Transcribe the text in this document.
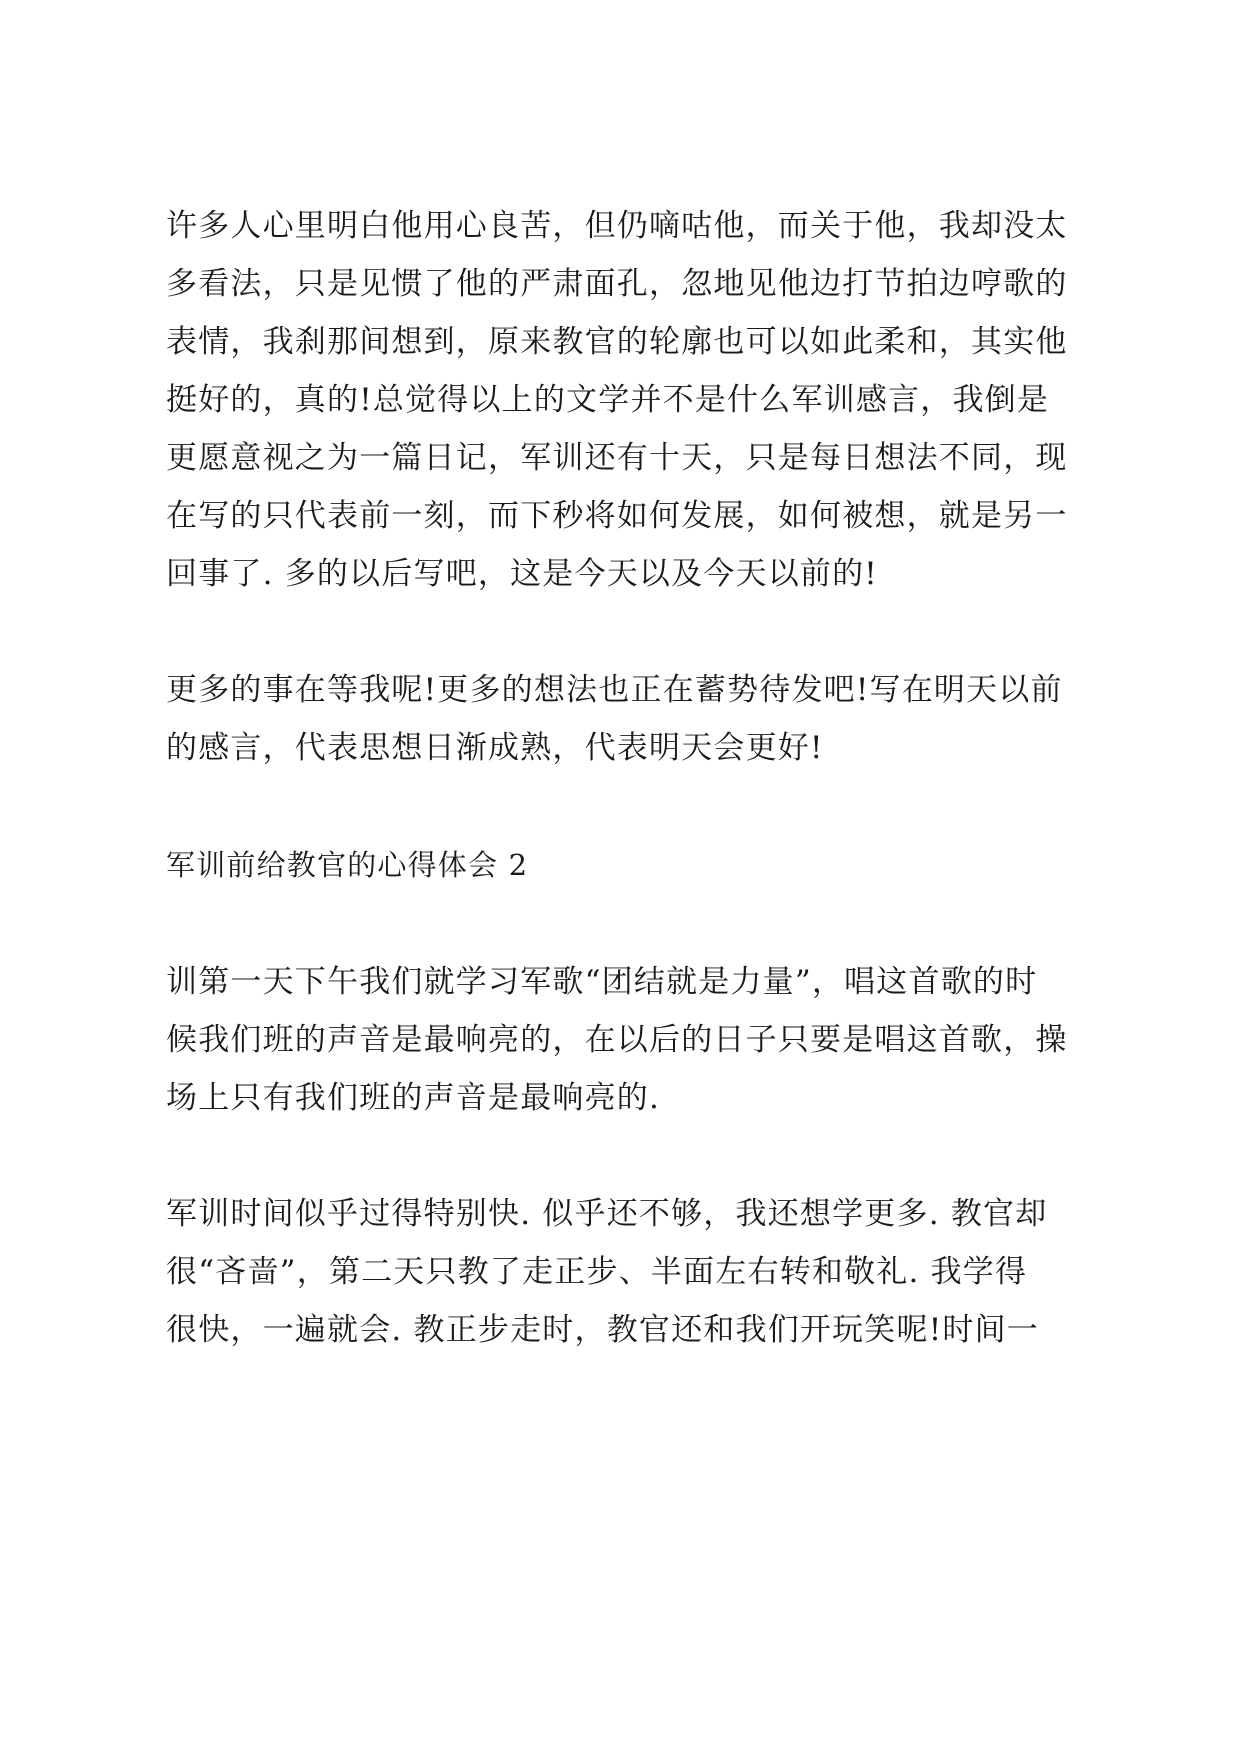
许多人心里明白他用心良苦，但仍嘀咕他，而关于他，我却没太
多看法，只是见惯了他的严肃面孔，忽地见他边打节拍边哼歌的
表情，我刹那间想到，原来教官的轮廓也可以如此柔和，其实他
挺好的，真的!总觉得以上的文学并不是什么军训感言，我倒是
更愿意视之为一篇日记，军训还有十天，只是每日想法不同，现
在写的只代表前一刻，而下秒将如何发展，如何被想，就是另一
回事了. 多的以后写吧，这是今天以及今天以前的!
更多的事在等我呢!更多的想法也正在蓄势待发吧!写在明天以前
的感言，代表思想日渐成熟，代表明天会更好!
军训前给教官的心得体会 2
训第一天下午我们就学习军歌“团结就是力量”，唱这首歌的时
候我们班的声音是最响亮的，在以后的日子只要是唱这首歌，操
场上只有我们班的声音是最响亮的.
军训时间似乎过得特别快. 似乎还不够，我还想学更多. 教官却
很“吝啬”，第二天只教了走正步、半面左右转和敬礼. 我学得
很快，一遍就会. 教正步走时，教官还和我们开玩笑呢!时间一
